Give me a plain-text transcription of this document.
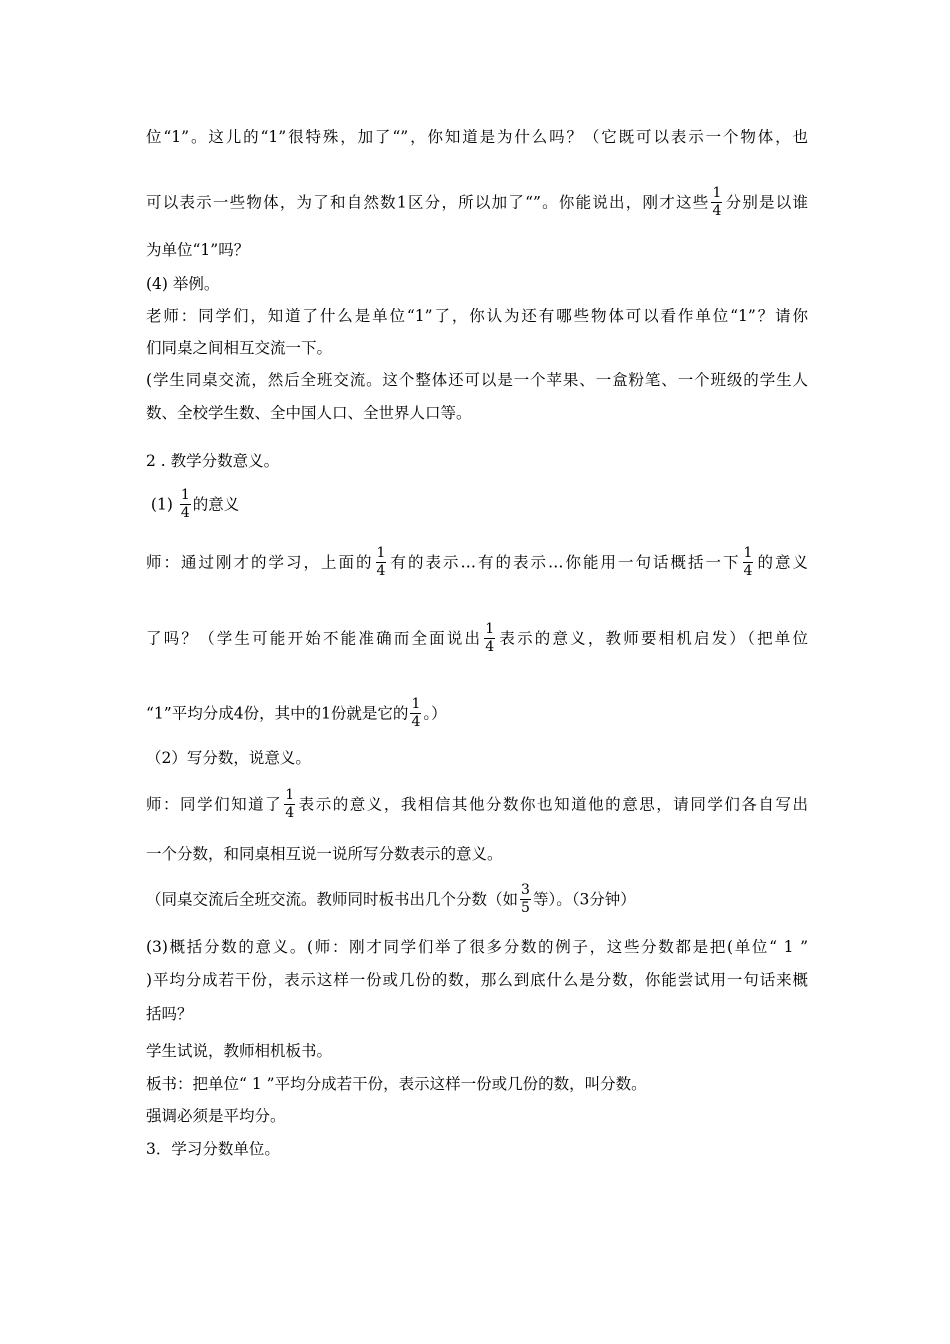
位“1”。这儿的“1”很特殊，加了“”，你知道是为什么吗？（它既可以表示一个物体，也
可以表示一些物体，为了和自然数1区分，所以加了“”。你能说出，刚才这些 $\frac{1}{4}$ 分别是以谁
为单位“1”吗？
(4) 举例。
老师：同学们，知道了什么是单位“1”了，你认为还有哪些物体可以看作单位“1”？请你
们同桌之间相互交流一下。
(学生同桌交流，然后全班交流。这个整体还可以是一个苹果、一盒粉笔、一个班级的学生人
数、全校学生数、全中国人口、全世界人口等。
2 . 教学分数意义。
$(1) \frac{1}{4}$ 的意义
师：通过刚才的学习，上面的 $\frac{1}{4}$ 有的表示…有的表示…你能用一句话概括一下 $\frac{1}{4}$ 的意义
了吗？（学生可能开始不能准确而全面说出 $\frac{1}{4}$ 表示的意义，教师要相机启发）（把单位
“1”平均分成4份，其中的1份就是它的 $\frac{1}{4}$ 。）
（2）写分数，说意义。
师：同学们知道了 $\frac{1}{4}$ 表示的意义，我相信其他分数你也知道他的意思，请同学们各自写出
一个分数，和同桌相互说一说所写分数表示的意义。
（同桌交流后全班交流。教师同时板书出几个分数（如 $\frac{3}{5}$ 等）。（3分钟）
(3)概括分数的意义。(师：刚才同学们举了很多分数的例子，这些分数都是把(单位“ 1 ”
)平均分成若干份，表示这样一份或几份的数，那么到底什么是分数，你能尝试用一句话来概
括吗？
学生试说，教师相机板书。
板书：把单位“ 1 ”平均分成若干份，表示这样一份或几份的数，叫分数。
强调必须是平均分。
3．学习分数单位。
